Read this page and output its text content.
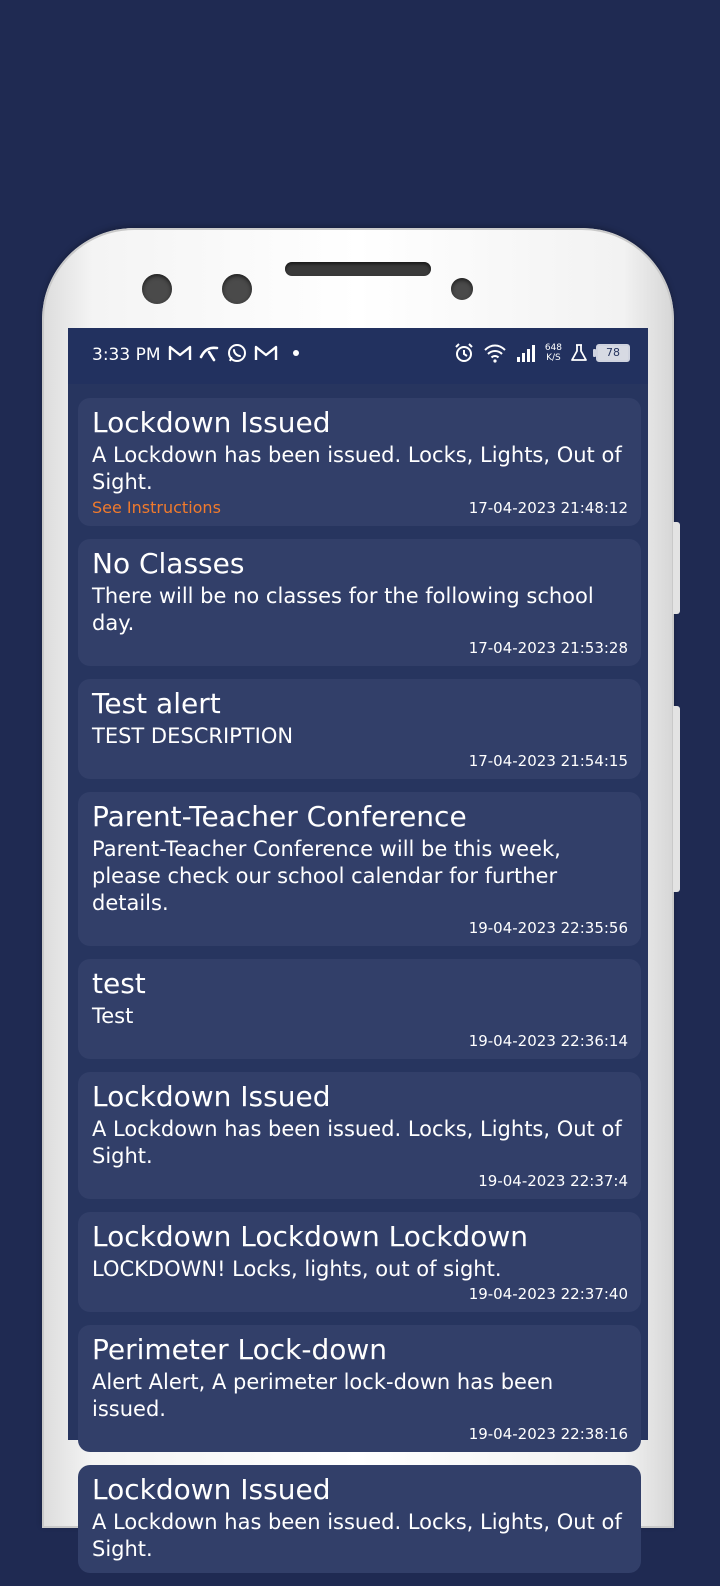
3:33 PM	648
K/S	78
Lockdown Issued
A Lockdown has been issued. Locks, Lights, Out of Sight.
See Instructions	17-04-2023 21:48:12
No Classes
There will be no classes for the following school day.
17-04-2023 21:53:28
Test alert
TEST DESCRIPTION
17-04-2023 21:54:15
Parent-Teacher Conference
Parent-Teacher Conference will be this week, please check our school calendar for further details.
19-04-2023 22:35:56
test
Test
19-04-2023 22:36:14
Lockdown Issued
A Lockdown has been issued. Locks, Lights, Out of Sight.
19-04-2023 22:37:4
Lockdown Lockdown Lockdown
LOCKDOWN! Locks, lights, out of sight.
19-04-2023 22:37:40
Perimeter Lock-down
Alert Alert, A perimeter lock-down has been issued.
19-04-2023 22:38:16
Lockdown Issued
A Lockdown has been issued. Locks, Lights, Out of Sight.
